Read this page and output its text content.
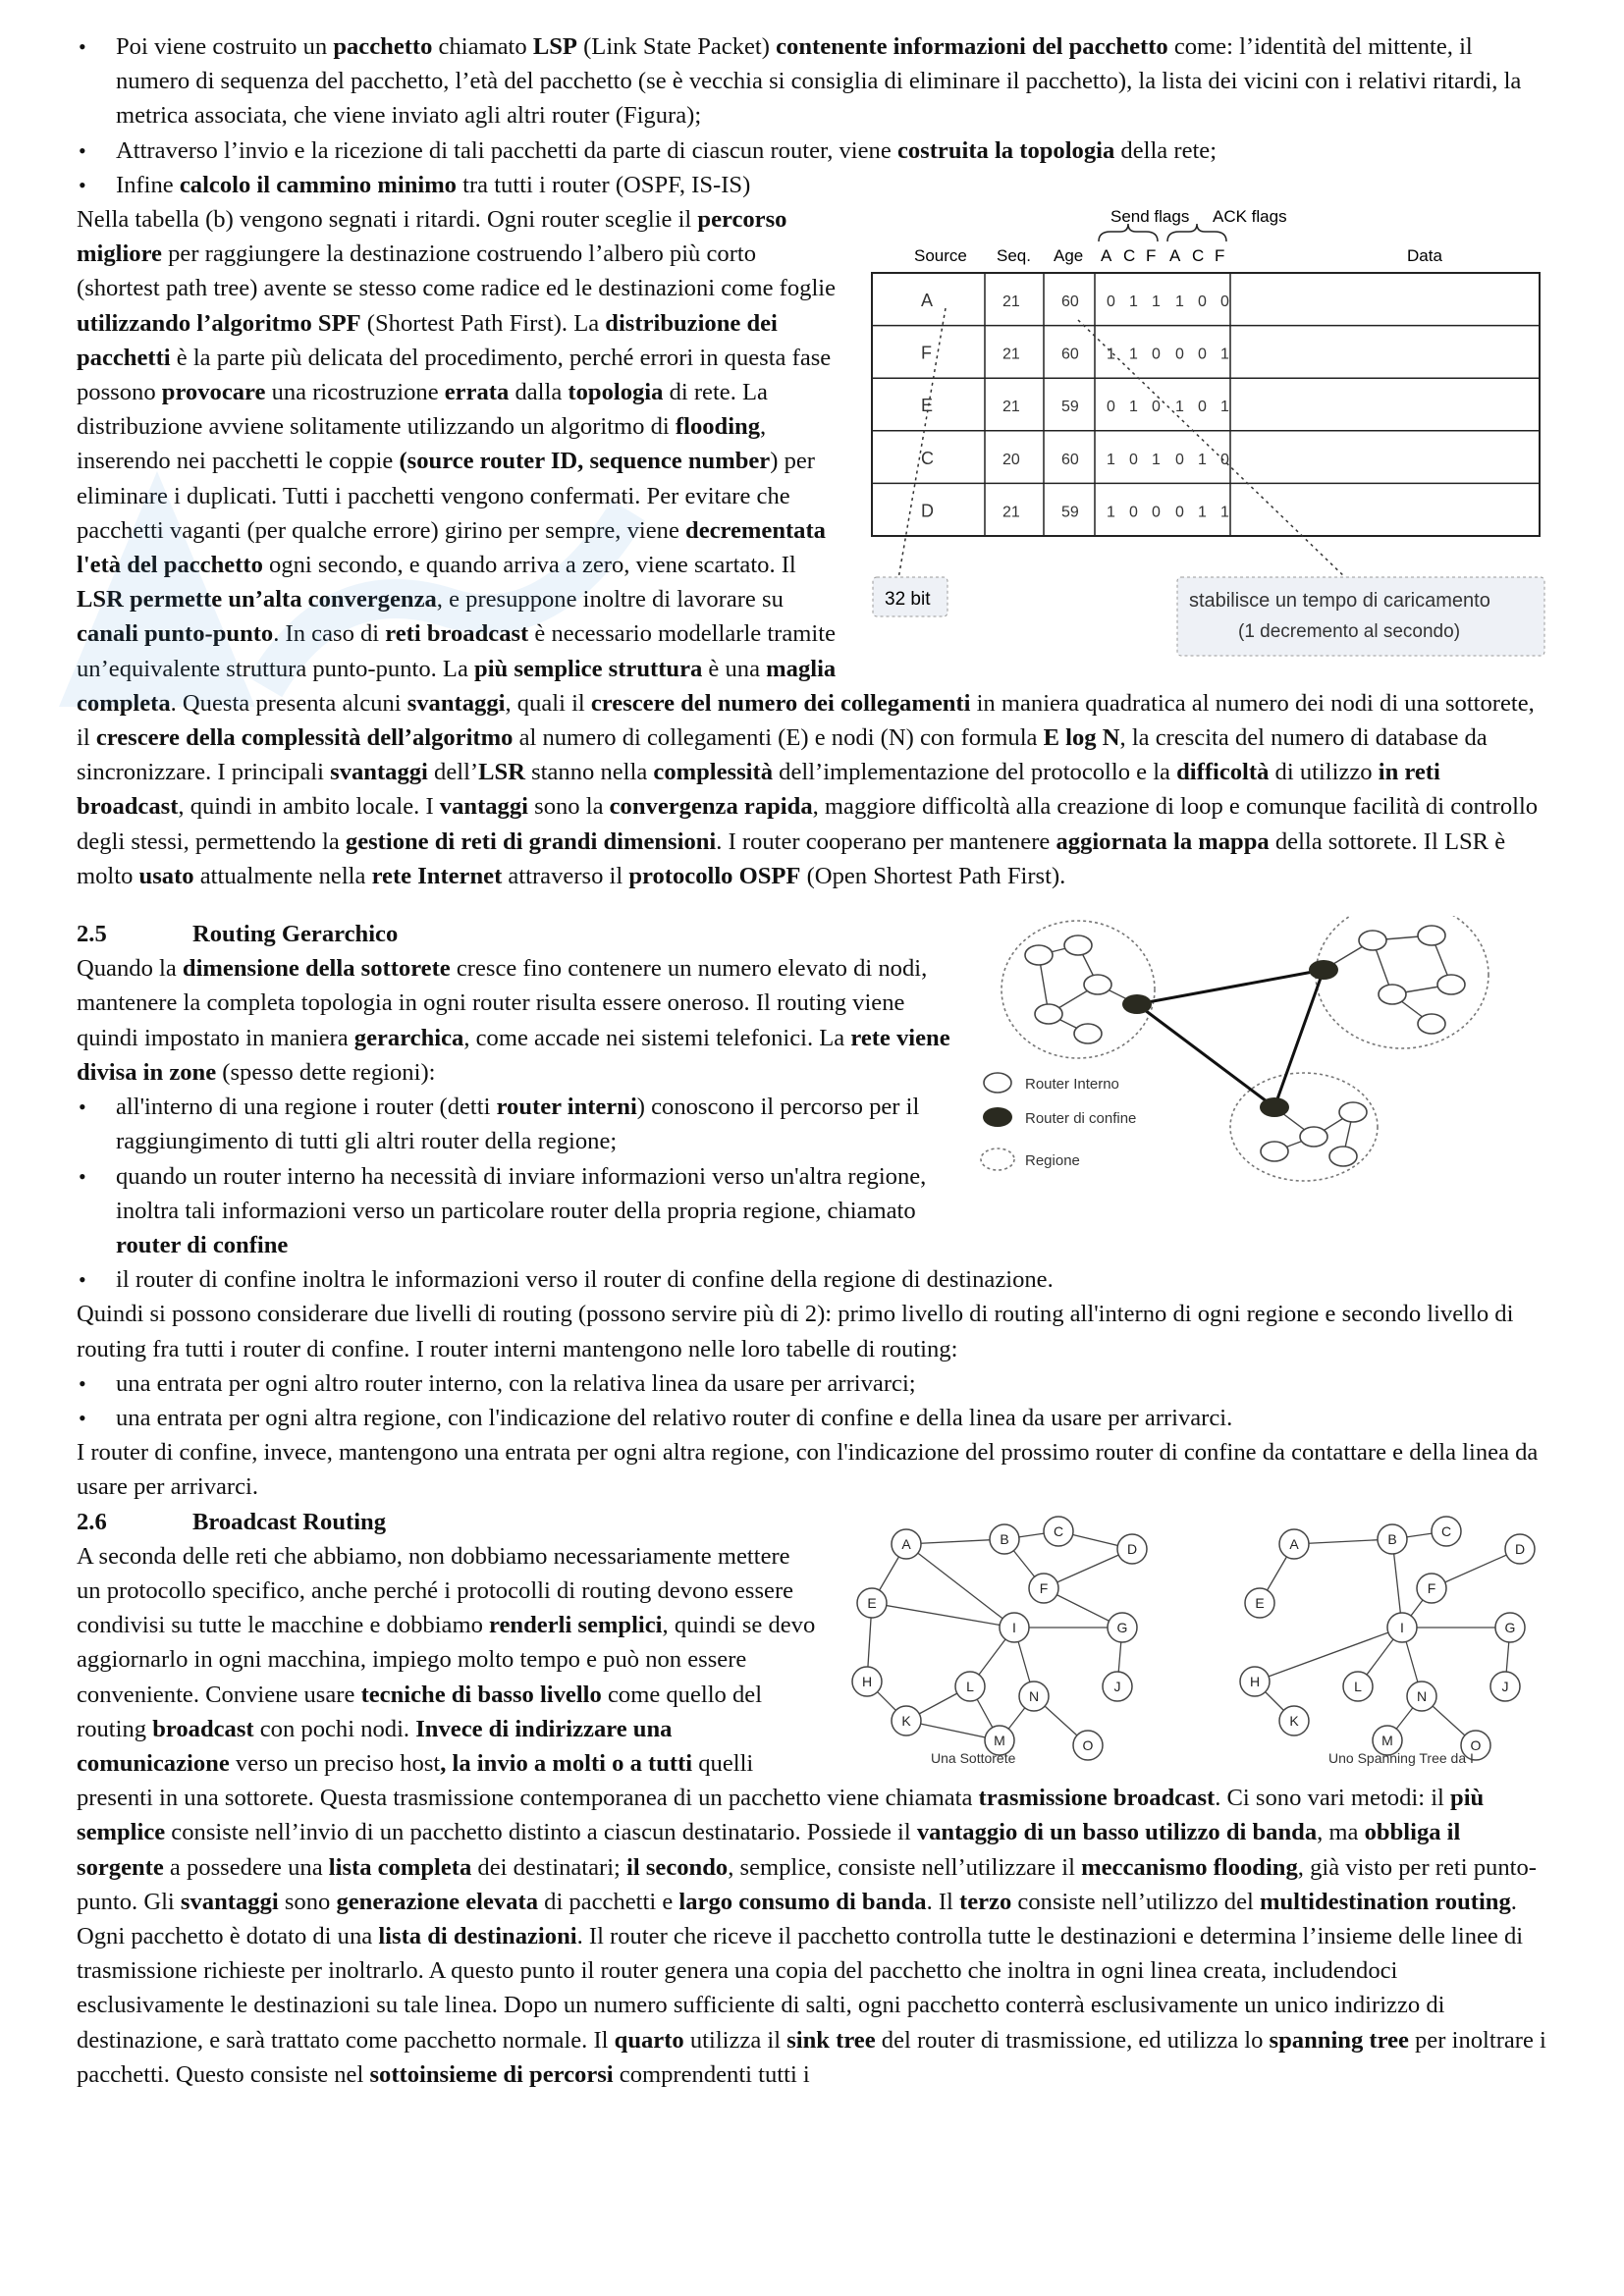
• Poi viene costruito un pacchetto chiamato LSP (Link State Packet) contenente informazioni del pacchetto come: l’identità del mittente, il numero di sequenza del pacchetto, l’età del pacchetto (se è vecchia si consiglia di eliminare il pacchetto), la lista dei vicini con i relativi ritardi, la metrica associata, che viene inviato agli altri router (Figura);
• Attraverso l’invio e la ricezione di tali pacchetti da parte di ciascun router, viene costruita la topologia della rete;
• Infine calcolo il cammino minimo tra tutti i router (OSPF, IS-IS)
Send flags ACK flags
Source Seq. Age A C F A C F	Data
A	21	60 0 1 1 1 0 0
F	21	60 1 1 0 0 0 1
E	21	59 0 1 0 1 0 1
C	20	60 1 0 1 0 1 0
D	21	59 1 0 0 0 1 1
32 bit	stabilisce un tempo di caricamento
(1 decremento al secondo)

Nella tabella (b) vengono segnati i ritardi. Ogni router sceglie il percorso migliore per raggiungere la destinazione costruendo l’albero più corto (shortest path tree) avente se stesso come radice ed le destinazioni come foglie utilizzando l’algoritmo SPF (Shortest Path First). La distribuzione dei pacchetti è la parte più delicata del procedimento, perché errori in questa fase possono provocare una ricostruzione errata dalla topologia di rete. La distribuzione avviene solitamente utilizzando un algoritmo di flooding, inserendo nei pacchetti le coppie (source router ID, sequence number) per eliminare i duplicati. Tutti i pacchetti vengono confermati. Per evitare che pacchetti vaganti (per qualche errore) girino per sempre, viene decrementata l'età del pacchetto ogni secondo, e quando arriva a zero, viene scartato. Il LSR permette un’alta convergenza, e presuppone inoltre di lavorare su canali punto-punto. In caso di reti broadcast è necessario modellarle tramite un’equivalente struttura punto-punto. La più semplice struttura è una maglia completa. Questa presenta alcuni svantaggi, quali il crescere del numero dei collegamenti in maniera quadratica al numero dei nodi di una sottorete, il crescere della complessità dell’algoritmo al numero di collegamenti (E) e nodi (N) con formula E log N, la crescita del numero di database da sincronizzare. I principali svantaggi dell’LSR stanno nella complessità dell’implementazione del protocollo e la difficoltà di utilizzo in reti broadcast, quindi in ambito locale. I vantaggi sono la convergenza rapida, maggiore difficoltà alla creazione di loop e comunque facilità di controllo degli stessi, permettendo la gestione di reti di grandi dimensioni. I router cooperano per mantenere aggiornata la mappa della sottorete. Il LSR è molto usato attualmente nella rete Internet attraverso il protocollo OSPF (Open Shortest Path First).

2.5	Routing Gerarchico
Router Interno
Router di confine
Regione

Quando la dimensione della sottorete cresce fino contenere un numero elevato di nodi, mantenere la completa topologia in ogni router risulta essere oneroso. Il routing viene quindi impostato in maniera gerarchica, come accade nei sistemi telefonici. La rete viene divisa in zone (spesso dette regioni):

• all'interno di una regione i router (detti router interni) conoscono il percorso per il raggiungimento di tutti gli altri router della regione;
• quando un router interno ha necessità di inviare informazioni verso un'altra regione, inoltra tali informazioni verso un particolare router della propria regione, chiamato router di confine
• il router di confine inoltra le informazioni verso il router di confine della regione di destinazione.

Quindi si possono considerare due livelli di routing (possono servire più di 2): primo livello di routing all'interno di ogni regione e secondo livello di routing fra tutti i router di confine. I router interni mantengono nelle loro tabelle di routing:

• una entrata per ogni altro router interno, con la relativa linea da usare per arrivarci;
• una entrata per ogni altra regione, con l'indicazione del relativo router di confine e della linea da usare per arrivarci.

I router di confine, invece, mantengono una entrata per ogni altra regione, con l'indicazione del prossimo router di confine da contattare e della linea da usare per arrivarci.

2.6	Broadcast Routing
A	B	C
D
E
F
G
H
I
J
K
L
M
N
O
A	B	C
D
E
F
G
H
I
J
K
L
M
N
O
Una Sottorete	Uno Spanning Tree da I

A seconda delle reti che abbiamo, non dobbiamo necessariamente mettere un protocollo specifico, anche perché i protocolli di routing devono essere condivisi su tutte le macchine e dobbiamo renderli semplici, quindi se devo aggiornarlo in ogni macchina, impiego molto tempo e può non essere conveniente. Conviene usare tecniche di basso livello come quello del routing broadcast con pochi nodi. Invece di indirizzare una comunicazione verso un preciso host, la invio a molti o a tutti quelli presenti in una sottorete. Questa trasmissione contemporanea di un pacchetto viene chiamata trasmissione broadcast. Ci sono vari metodi: il più semplice consiste nell’invio di un pacchetto distinto a ciascun destinatario. Possiede il vantaggio di un basso utilizzo di banda, ma obbliga il sorgente a possedere una lista completa dei destinatari; il secondo, semplice, consiste nell’utilizzare il meccanismo flooding, già visto per reti punto-punto. Gli svantaggi sono generazione elevata di pacchetti e largo consumo di banda. Il terzo consiste nell’utilizzo del multidestination routing. Ogni pacchetto è dotato di una lista di destinazioni. Il router che riceve il pacchetto controlla tutte le destinazioni e determina l’insieme delle linee di trasmissione richieste per inoltrarlo. A questo punto il router genera una copia del pacchetto che inoltra in ogni linea creata, includendoci esclusivamente le destinazioni su tale linea. Dopo un numero sufficiente di salti, ogni pacchetto conterrà esclusivamente un unico indirizzo di destinazione, e sarà trattato come pacchetto normale. Il quarto utilizza il sink tree del router di trasmissione, ed utilizza lo spanning tree per inoltrare i pacchetti. Questo consiste nel sottoinsieme di percorsi comprendenti tutti i
